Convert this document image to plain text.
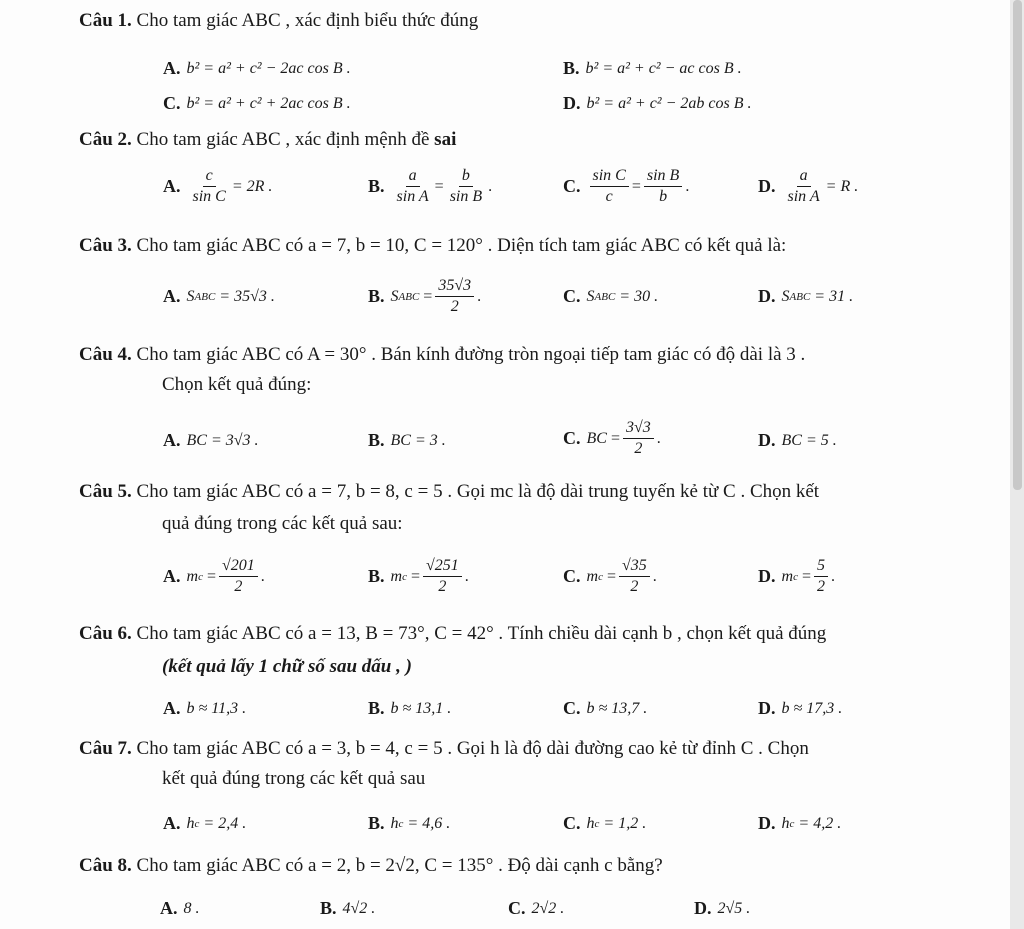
Câu 1. Cho tam giác ABC , xác định biểu thức đúng
A. b² = a² + c² − 2ac cos B .	B. b² = a² + c² − ac cos B .
C. b² = a² + c² + 2ac cos B .	D. b² = a² + c² − 2ab cos B .
Câu 2. Cho tam giác ABC , xác định mệnh đề sai
A. $\frac{c}{\text{sin C}} = 2R$ .	B. $\frac{a}{\text{sin A}} = \frac{b}{\text{sin B}}$ .	C. $\frac{\text{sin C}}{c} = \frac{\text{sin B}}{b}$ .	D. $\frac{a}{\text{sin A}} = R$ .
Câu 3. Cho tam giác ABC có a = 7, b = 10, C = 120° . Diện tích tam giác ABC có kết quả là:
A. S ABC
= 35√3 .	B. S ABC
= $\frac{35√3}{2}$ .	C. S ABC
= 30 .	D. S ABC
= 31 .
Câu 4. Cho tam giác ABC có A = 30° . Bán kính đường tròn ngoại tiếp tam giác có độ dài là 3 .
Chọn kết quả đúng:
A. BC = 3√3 .	B. BC = 3 .	C. BC
= $\frac{3√3}{2}$ .	D. BC = 5 .
Câu 5. Cho tam giác ABC có a = 7, b = 8, c = 5 . Gọi mc là độ dài trung tuyến kẻ từ C . Chọn kết
quả đúng trong các kết quả sau:
A. m c
= $\frac{√201}{2}$ .	B. m c
= $\frac{√251}{2}$ .	C. m c
= $\frac{√35}{2}$ .	D. m c
= $\frac{5}{2}$ .
Câu 6. Cho tam giác ABC có a = 13, B = 73°, C = 42° . Tính chiều dài cạnh b , chọn kết quả đúng
(kết quả lấy 1 chữ số sau dấu , )
A. b ≈ 11,3 .	B. b ≈ 13,1 .	C. b ≈ 13,7 .	D. b ≈ 17,3 .
Câu 7. Cho tam giác ABC có a = 3, b = 4, c = 5 . Gọi h là độ dài đường cao kẻ từ đỉnh C . Chọn
kết quả đúng trong các kết quả sau
A. h c
= 2,4 .	B. h c
= 4,6 .	C. h c
= 1,2 .	D. h c
= 4,2 .
Câu 8. Cho tam giác ABC có a = 2, b = 2√2, C = 135° . Độ dài cạnh c bằng?
A. 8 .	B. 4√2 .	C. 2√2 .	D. 2√5 .
